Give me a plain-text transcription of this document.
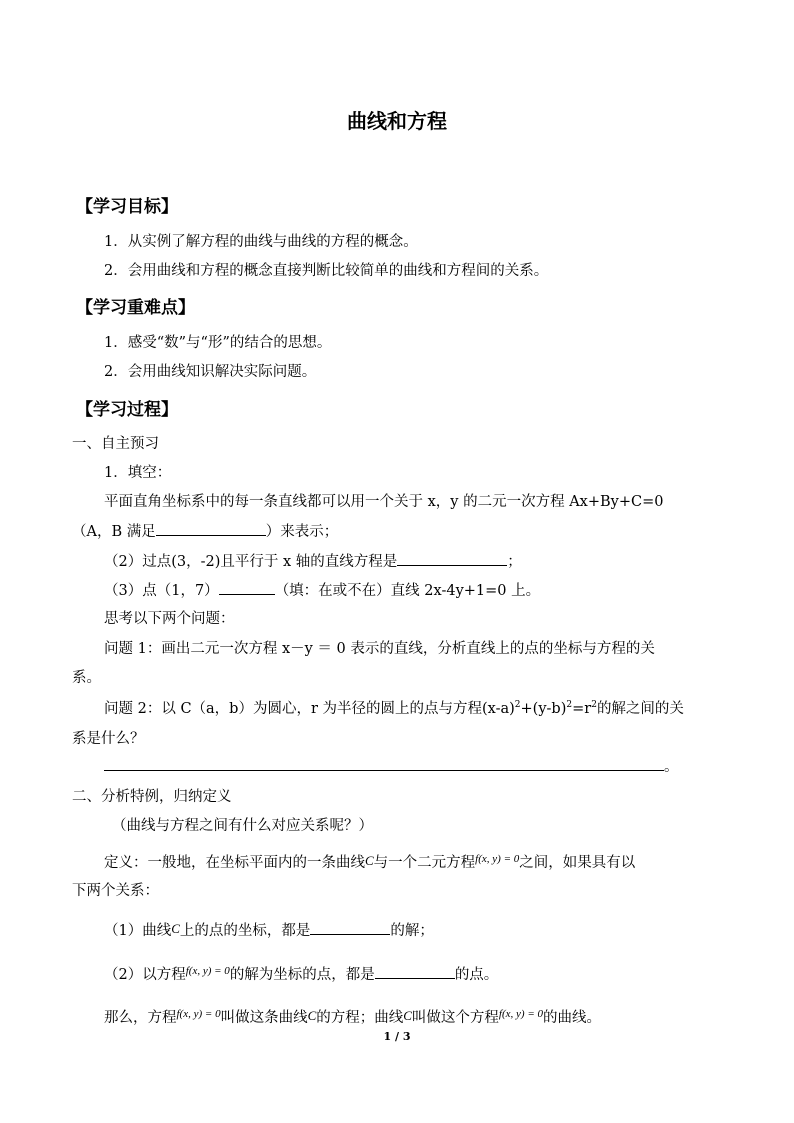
曲线和方程
【学习目标】
1．从实例了解方程的曲线与曲线的方程的概念。
2．会用曲线和方程的概念直接判断比较简单的曲线和方程间的关系。
【学习重难点】
1．感受“数”与“形”的结合的思想。
2．会用曲线知识解决实际问题。
【学习过程】
一、自主预习
1．填空：
平面直角坐标系中的每一条直线都可以用一个关于 x，y 的二元一次方程 Ax+By+C=0
（A，B 满足	）来表示；
（2）过点(3，-2)且平行于 x 轴的直线方程是	；
（3）点（1，7）	（填：在或不在）直线 2x-4y+1=0 上。
思考以下两个问题：
问题 1：画出二元一次方程 x－y ＝ 0 表示的直线，分析直线上的点的坐标与方程的关
系。
问题 2：以 C（a，b）为圆心，r 为半径的圆上的点与方程$(x-a)^2+(y-b)^2=r^2$的解之间的关
系是什么？
。
二、分析特例，归纳定义
（曲线与方程之间有什么对应关系呢？）
定义：一般地，在坐标平面内的一条曲线C与一个二元方程$^{f(x, y) = 0}$之间，如果具有以
下两个关系：
（1）曲线C上的点的坐标，都是	的解；
（2）以方程$^{f(x, y) = 0}$的解为坐标的点，都是	的点。
那么，方程$^{f(x, y) = 0}$叫做这条曲线C的方程；曲线C叫做这个方程$^{f(x, y) = 0}$的曲线。
1 / 3
